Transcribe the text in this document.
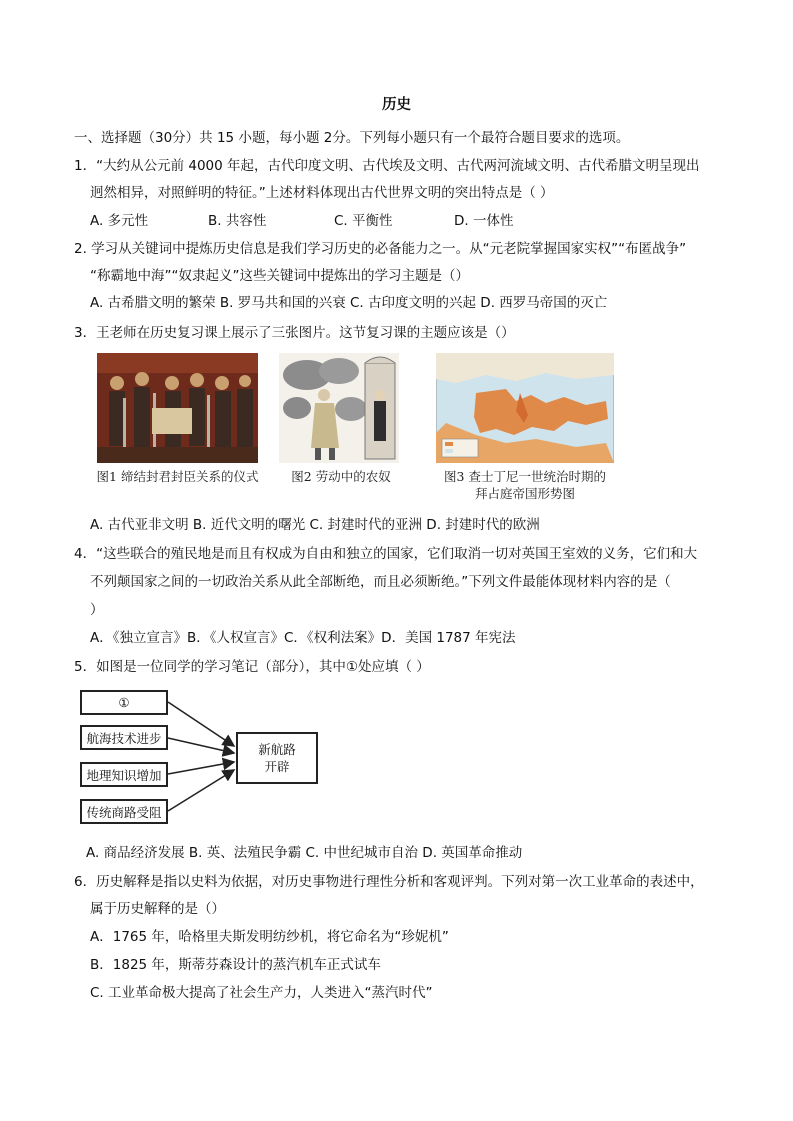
历史
一、选择题（30分）共 15 小题，每小题 2分。下列每小题只有一个最符合题目要求的选项。
1．“大约从公元前 4000 年起，古代印度文明、古代埃及文明、古代两河流域文明、古代希腊文明呈现出
迥然相异，对照鲜明的特征。”上述材料体现出古代世界文明的突出特点是（ ）
A. 多元性	B. 共容性	C. 平衡性	D. 一体性
2. 学习从关键词中提炼历史信息是我们学习历史的必备能力之一。从“元老院掌握国家实权”“布匿战争”
“称霸地中海”“奴隶起义”这些关键词中提炼出的学习主题是（）
A. 古希腊文明的繁荣 B. 罗马共和国的兴衰 C. 古印度文明的兴起 D. 西罗马帝国的灭亡
3．王老师在历史复习课上展示了三张图片。这节复习课的主题应该是（）
图1 缔结封君封臣关系的仪式	图2 劳动中的农奴	图3 查士丁尼一世统治时期的
拜占庭帝国形势图
A. 古代亚非文明 B. 近代文明的曙光 C. 封建时代的亚洲 D. 封建时代的欧洲
4．“这些联合的殖民地是而且有权成为自由和独立的国家，它们取消一切对英国王室效的义务，它们和大
不列颠国家之间的一切政治关系从此全部断绝，而且必须断绝。”下列文件最能体现材料内容的是（
）
A．《独立宣言》B．《人权宣言》C．《权利法案》D．美国 1787 年宪法
5．如图是一位同学的学习笔记（部分），其中①处应填（ ）
①
航海技术进步
地理知识增加
传统商路受阻
新航路
开辟
A. 商品经济发展 B. 英、法殖民争霸 C. 中世纪城市自治 D. 英国革命推动
6．历史解释是指以史料为依据，对历史事物进行理性分析和客观评判。下列对第一次工业革命的表述中，
属于历史解释的是（）
A．1765 年，哈格里夫斯发明纺纱机，将它命名为“珍妮机”
B．1825 年，斯蒂芬森设计的蒸汽机车正式试车
C. 工业革命极大提高了社会生产力，人类进入“蒸汽时代”
